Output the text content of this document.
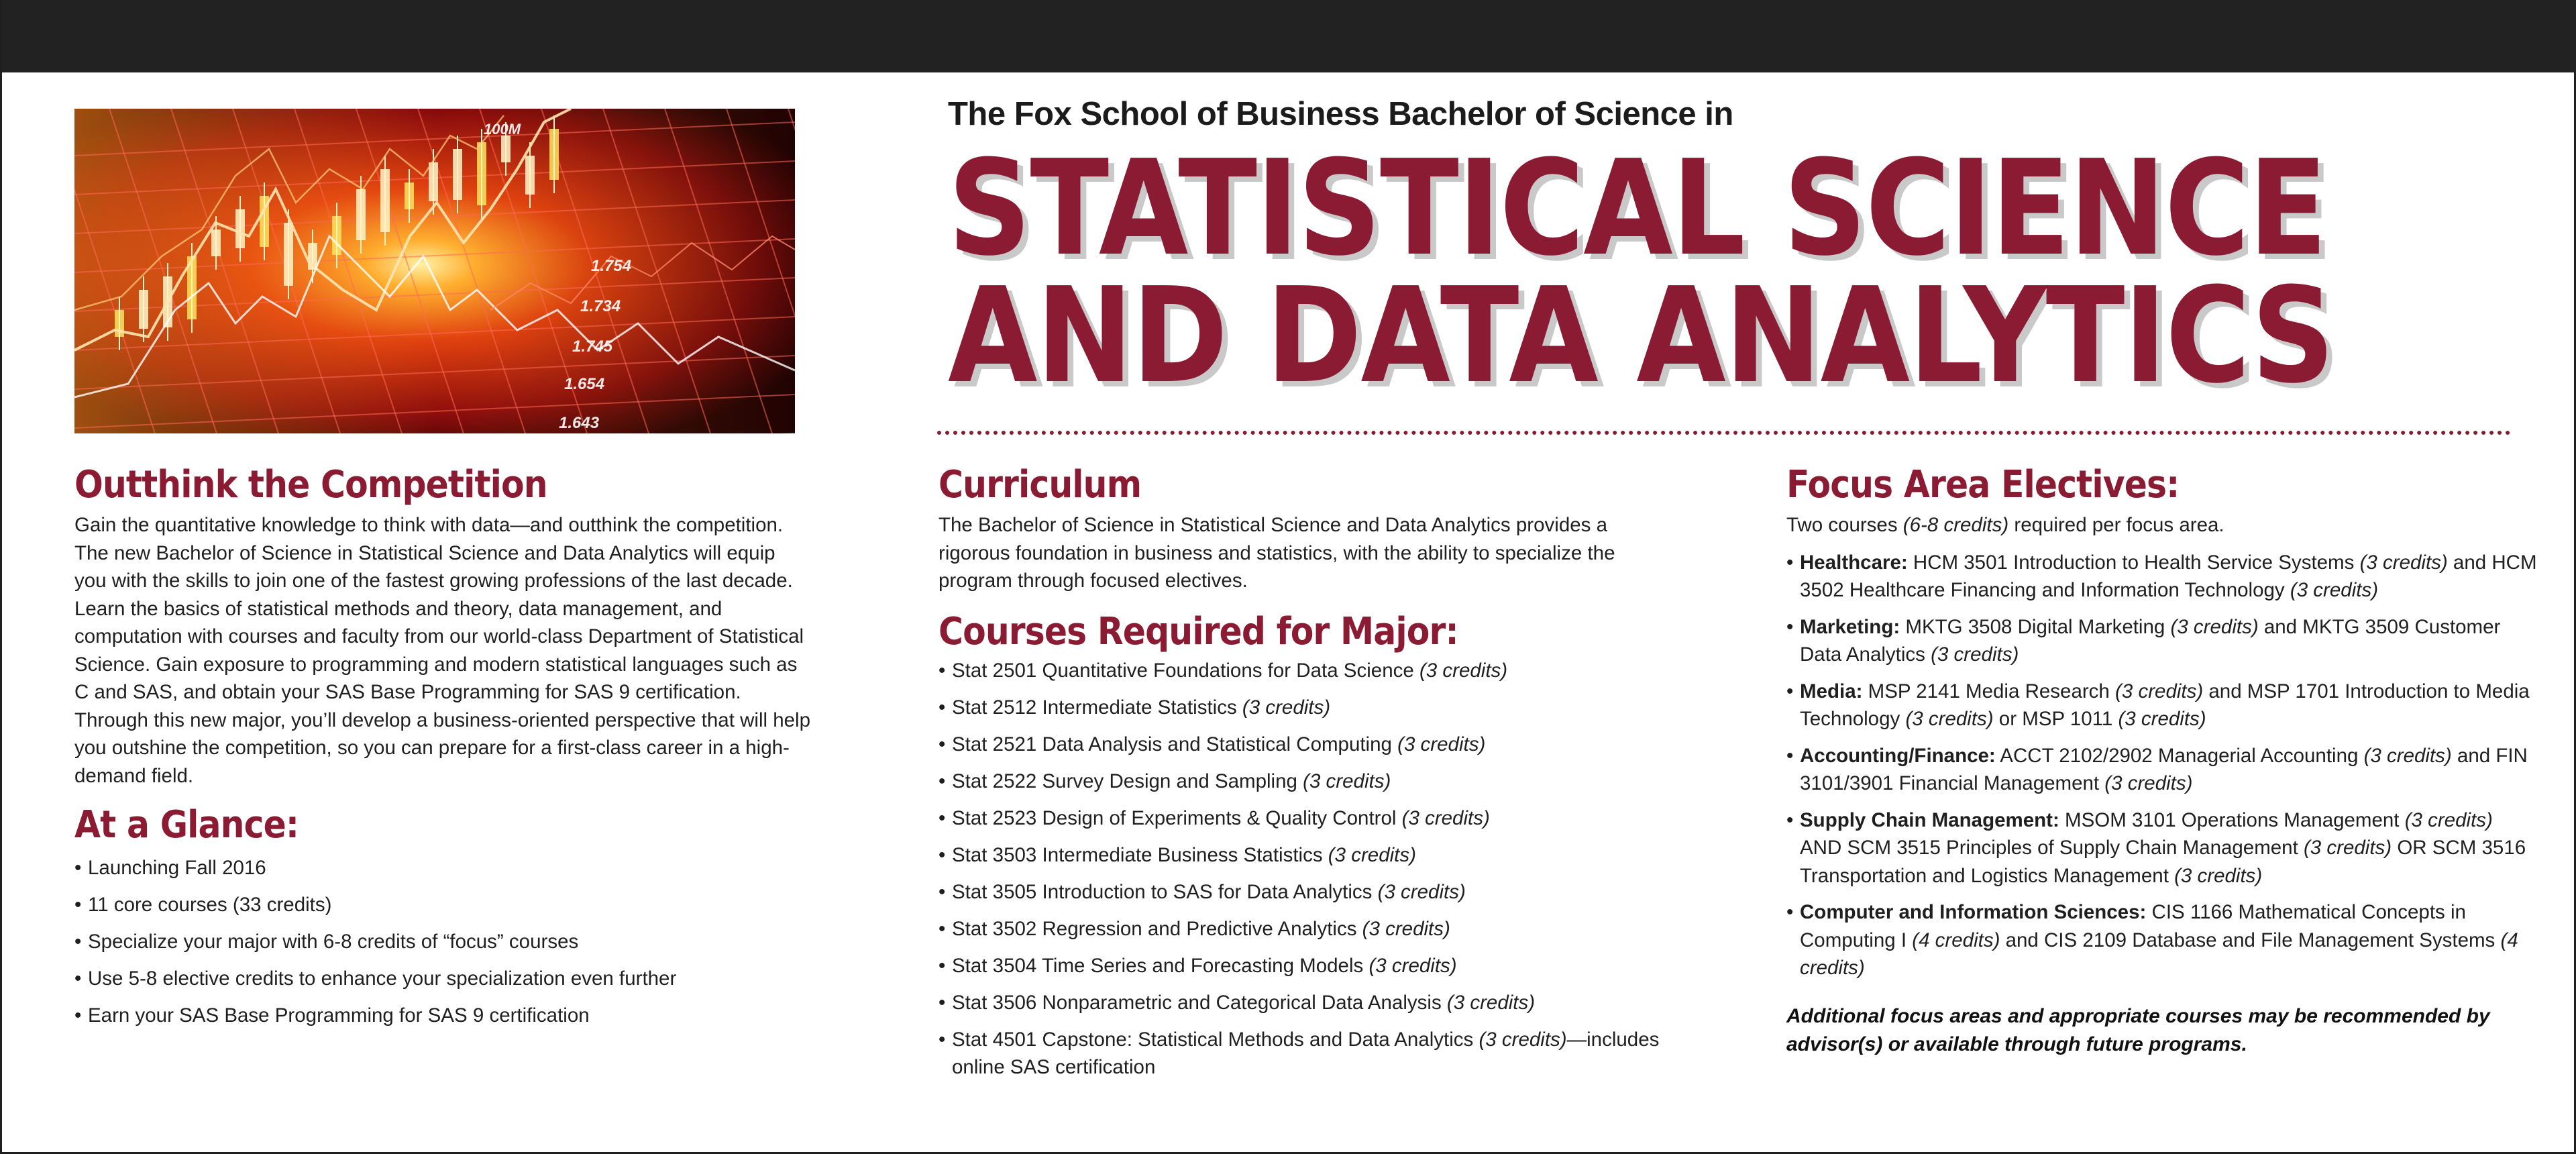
100M
1.754
1.734
1.745
1.654
1.643

The Fox School of Business Bachelor of Science in

STATISTICAL SCIENCE
AND DATA ANALYTICS
Outthink the Competition

Gain the quantitative knowledge to think with data—and outthink the competition. The new Bachelor of Science in Statistical Science and Data Analytics will equip you with the skills to join one of the fastest growing professions of the last decade. Learn the basics of statistical methods and theory, data management, and computation with courses and faculty from our world-class Department of Statistical Science. Gain exposure to programming and modern statistical languages such as C and SAS, and obtain your SAS Base Programming for SAS 9 certification. Through this new major, you’ll develop a business-oriented perspective that will help you outshine the competition, so you can prepare for a first-class career in a high-demand field.

At a Glance:
• Launching Fall 2016
• 11 core courses (33 credits)
• Specialize your major with 6-8 credits of “focus” courses
• Use 5-8 elective credits to enhance your specialization even further
• Earn your SAS Base Programming for SAS 9 certification
Curriculum

The Bachelor of Science in Statistical Science and Data Analytics provides a rigorous foundation in business and statistics, with the ability to specialize the program through focused electives.

Courses Required for Major:
• Stat 2501 Quantitative Foundations for Data Science (3 credits)
• Stat 2512 Intermediate Statistics (3 credits)
• Stat 2521 Data Analysis and Statistical Computing (3 credits)
• Stat 2522 Survey Design and Sampling (3 credits)
• Stat 2523 Design of Experiments & Quality Control (3 credits)
• Stat 3503 Intermediate Business Statistics (3 credits)
• Stat 3505 Introduction to SAS for Data Analytics (3 credits)
• Stat 3502 Regression and Predictive Analytics (3 credits)
• Stat 3504 Time Series and Forecasting Models (3 credits)
• Stat 3506 Nonparametric and Categorical Data Analysis (3 credits)
• Stat 4501 Capstone: Statistical Methods and Data Analytics (3 credits)—includes online SAS certification
Focus Area Electives:

Two courses (6-8 credits) required per focus area.

• Healthcare: HCM 3501 Introduction to Health Service Systems (3 credits) and HCM 3502 Healthcare Financing and Information Technology (3 credits)
• Marketing: MKTG 3508 Digital Marketing (3 credits) and MKTG 3509 Customer Data Analytics (3 credits)
• Media: MSP 2141 Media Research (3 credits) and MSP 1701 Introduction to Media Technology (3 credits) or MSP 1011 (3 credits)
• Accounting/Finance: ACCT 2102/2902 Managerial Accounting (3 credits) and FIN 3101/3901 Financial Management (3 credits)
• Supply Chain Management: MSOM 3101 Operations Management (3 credits) AND SCM 3515 Principles of Supply Chain Management (3 credits) OR SCM 3516 Transportation and Logistics Management (3 credits)
• Computer and Information Sciences: CIS 1166 Mathematical Concepts in Computing I (4 credits) and CIS 2109 Database and File Management Systems (4 credits)
Additional focus areas and appropriate courses may be recommended by advisor(s) or available through future programs.
